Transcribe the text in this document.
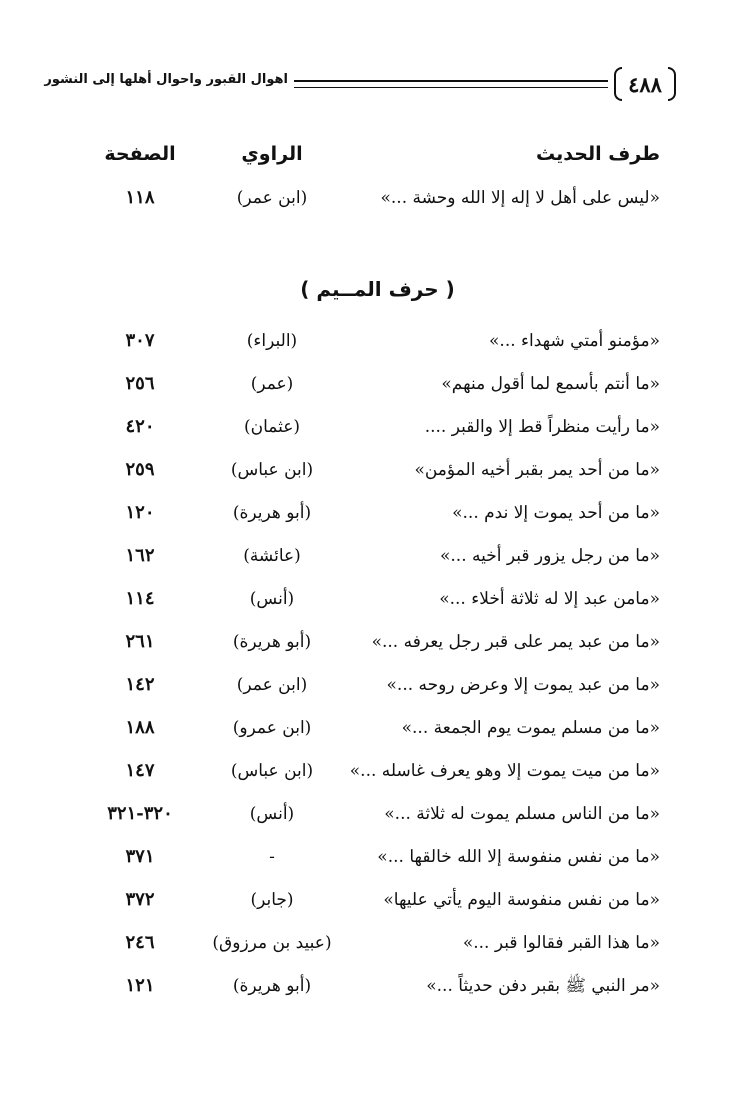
٤٨٨
اهوال القبور واحوال أهلها إلى النشور
طرف الحديث
الراوي
الصفحة
«ليس على أهل لا إله إلا الله وحشة ...»
(ابن عمر)
١١٨
( حرف المــيم )
«مؤمنو أمتي شهداء ...»
(البراء)
٣٠٧
«ما أنتم بأسمع لما أقول منهم»
(عمر)
٢٥٦
«ما رأيت منظراً قط إلا والقبر ....
(عثمان)
٤٢٠
«ما من أحد يمر بقبر أخيه المؤمن»
(ابن عباس)
٢٥٩
«ما من أحد يموت إلا ندم ...»
(أبو هريرة)
١٢٠
«ما من رجل يزور قبر أخيه ...»
(عائشة)
١٦٢
«مامن عبد إلا له ثلاثة أخلاء ...»
(أنس)
١١٤
«ما من عبد يمر على قبر رجل يعرفه ...»
(أبو هريرة)
٢٦١
«ما من عبد يموت إلا وعرض روحه ...»
(ابن عمر)
١٤٢
«ما من مسلم يموت يوم الجمعة ...»
(ابن عمرو)
١٨٨
«ما من ميت يموت إلا وهو يعرف غاسله ...»
(ابن عباس)
١٤٧
«ما من الناس مسلم يموت له ثلاثة ...»
(أنس)
٣٢٠-٣٢١
«ما من نفس منفوسة إلا الله خالقها ...»
-
٣٧١
«ما من نفس منفوسة اليوم يأتي عليها»
(جابر)
٣٧٢
«ما هذا القبر فقالوا قبر ...»
(عبيد بن مرزوق)
٢٤٦
«مر النبي ﷺ بقبر دفن حديثاً ...»
(أبو هريرة)
١٢١
